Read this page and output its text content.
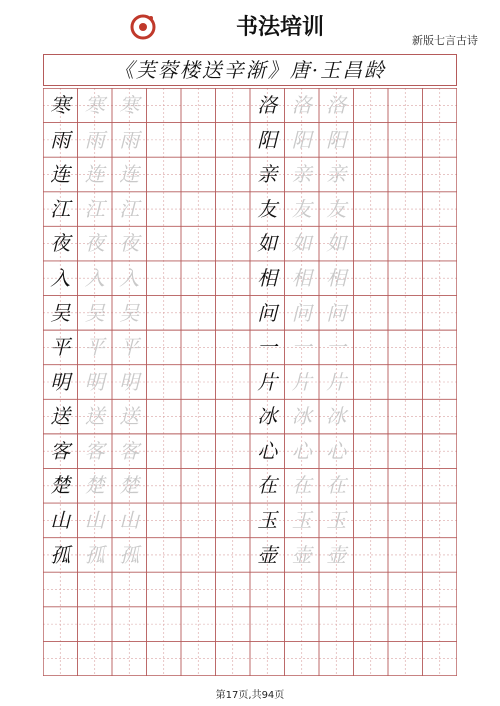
书法培训
新版七言古诗
《芙蓉楼送辛渐》唐·王昌龄
寒 寒 寒
雨 雨 雨
连 连 连
江 江 江
夜 夜 夜
入 入 入
吴 吴 吴
平 平 平
明 明 明
送 送 送
客 客 客
楚 楚 楚
山 山 山
孤 孤 孤
洛 洛 洛
阳 阳 阳
亲 亲 亲
友 友 友
如 如 如
相 相 相
问 问 问
一 一 一
片 片 片
冰 冰 冰
心 心 心
在 在 在
玉 玉 玉
壶 壶 壶
第17页,共94页
